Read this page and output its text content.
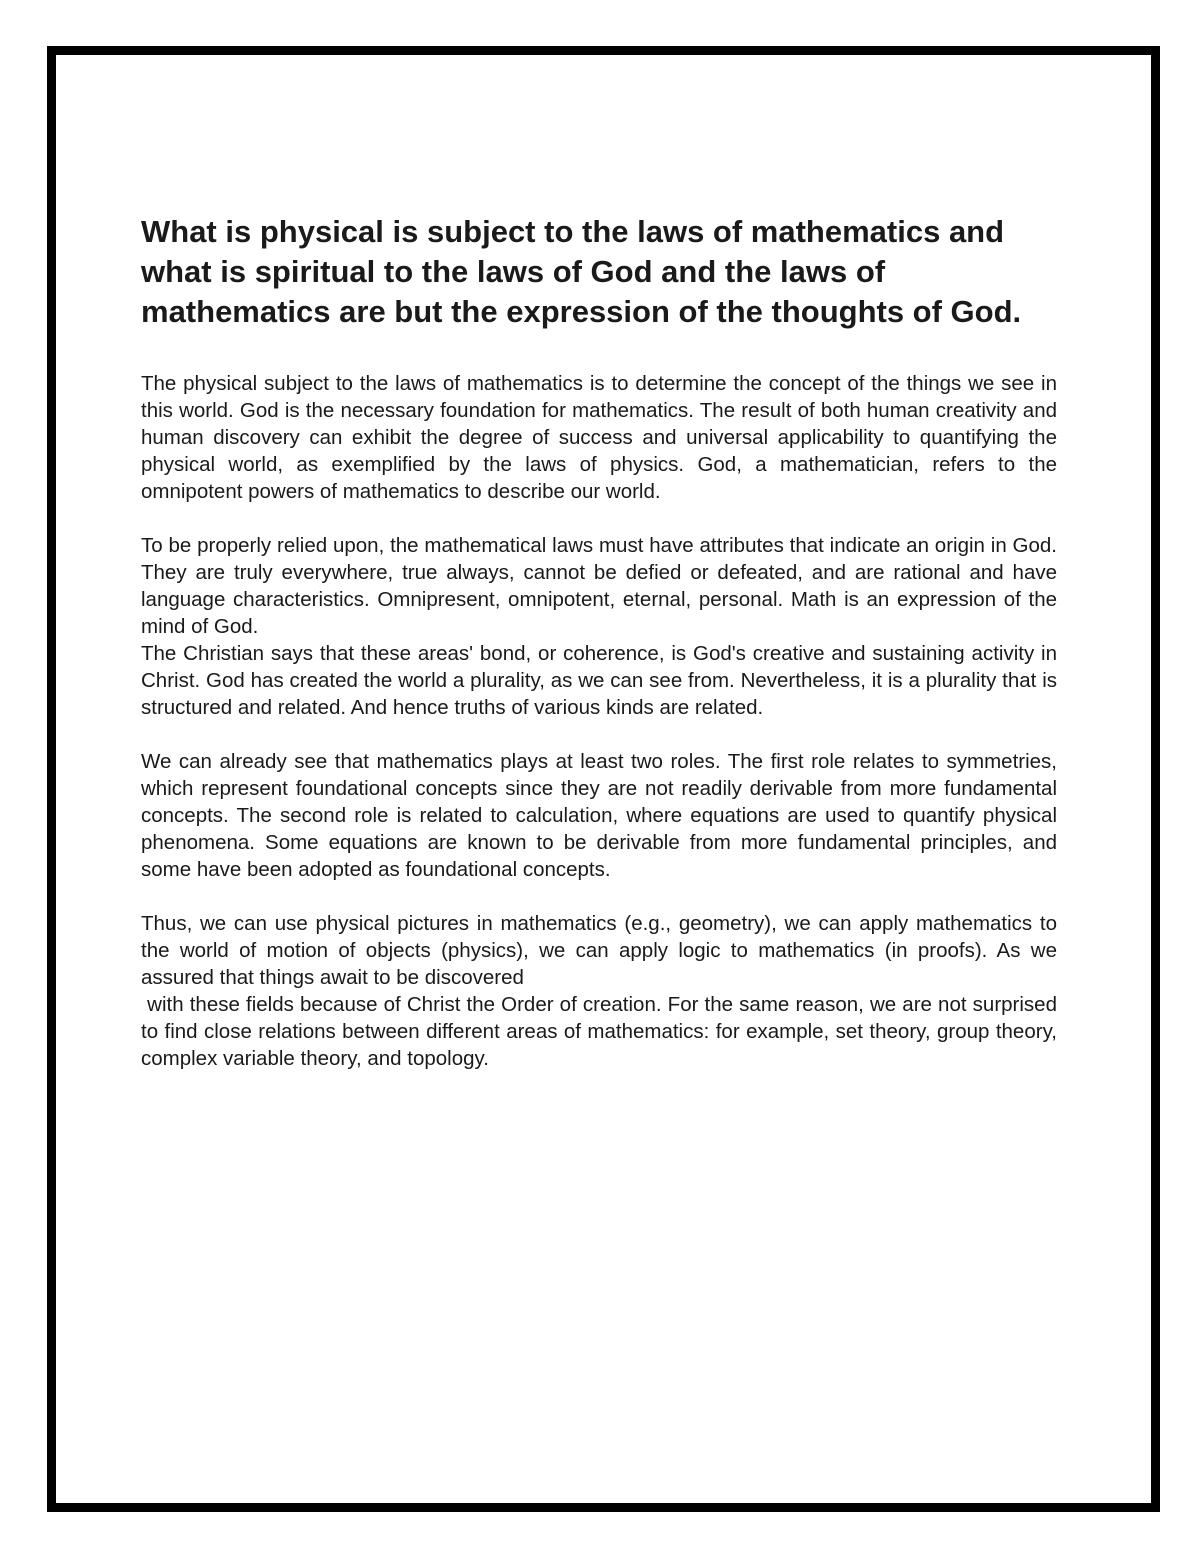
What is physical is subject to the laws of mathematics and what is spiritual to the laws of God and the laws of mathematics are but the expression of the thoughts of God.

The physical subject to the laws of mathematics is to determine the concept of the things we see in this world. God is the necessary foundation for mathematics. The result of both human creativity and human discovery can exhibit the degree of success and universal applicability to quantifying the physical world, as exemplified by the laws of physics. God, a mathematician, refers to the omnipotent powers of mathematics to describe our world.

To be properly relied upon, the mathematical laws must have attributes that indicate an origin in God. They are truly everywhere, true always, cannot be defied or defeated, and are rational and have language characteristics. Omnipresent, omnipotent, eternal, personal. Math is an expression of the mind of God.

The Christian says that these areas' bond, or coherence, is God's creative and sustaining activity in Christ. God has created the world a plurality, as we can see from. Nevertheless, it is a plurality that is structured and related. And hence truths of various kinds are related.

We can already see that mathematics plays at least two roles. The first role relates to symmetries, which represent foundational concepts since they are not readily derivable from more fundamental concepts. The second role is related to calculation, where equations are used to quantify physical phenomena. Some equations are known to be derivable from more fundamental principles, and some have been adopted as foundational concepts.

Thus, we can use physical pictures in mathematics (e.g., geometry), we can apply mathematics to the world of motion of objects (physics), we can apply logic to mathematics (in proofs). As we assured that things await to be discovered

with these fields because of Christ the Order of creation. For the same reason, we are not surprised to find close relations between different areas of mathematics: for example, set theory, group theory, complex variable theory, and topology.
